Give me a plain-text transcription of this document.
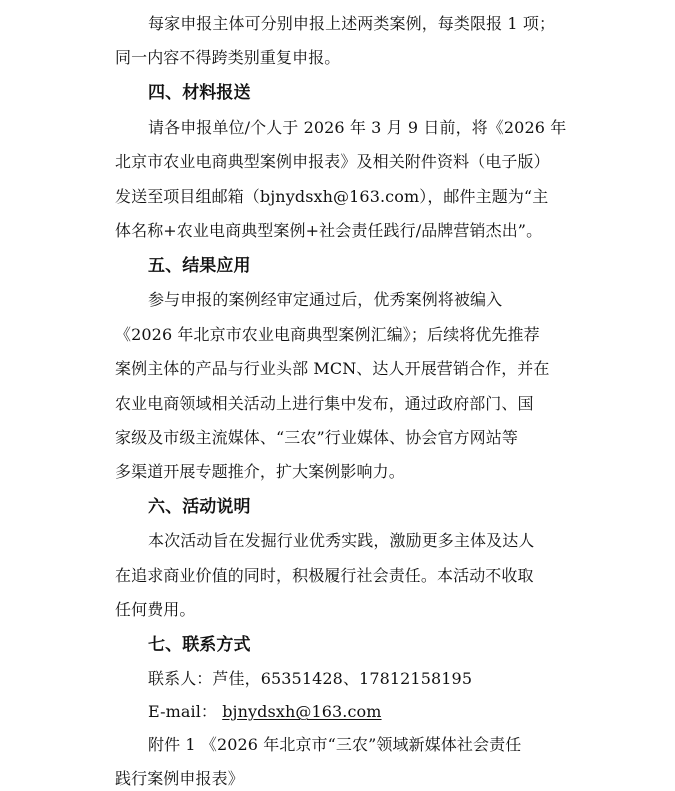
每家申报主体可分别申报上述两类案例，每类限报 1 项；
同一内容不得跨类别重复申报。
四、材料报送
请各申报单位/个人于 2026 年 3 月 9 日前，将《2026 年
北京市农业电商典型案例申报表》及相关附件资料（电子版）
发送至项目组邮箱（bjnydsxh@163.com），邮件主题为“主
体名称+农业电商典型案例+社会责任践行/品牌营销杰出”。
五、结果应用
参与申报的案例经审定通过后，优秀案例将被编入
《2026 年北京市农业电商典型案例汇编》；后续将优先推荐
案例主体的产品与行业头部 MCN、达人开展营销合作，并在
农业电商领域相关活动上进行集中发布，通过政府部门、国
家级及市级主流媒体、“三农”行业媒体、协会官方网站等
多渠道开展专题推介，扩大案例影响力。
六、活动说明
本次活动旨在发掘行业优秀实践，激励更多主体及达人
在追求商业价值的同时，积极履行社会责任。本活动不收取
任何费用。
七、联系方式
联系人：芦佳，65351428、17812158195
E-mail： bjnydsxh@163.com
附件 1 《2026 年北京市“三农”领域新媒体社会责任
践行案例申报表》
